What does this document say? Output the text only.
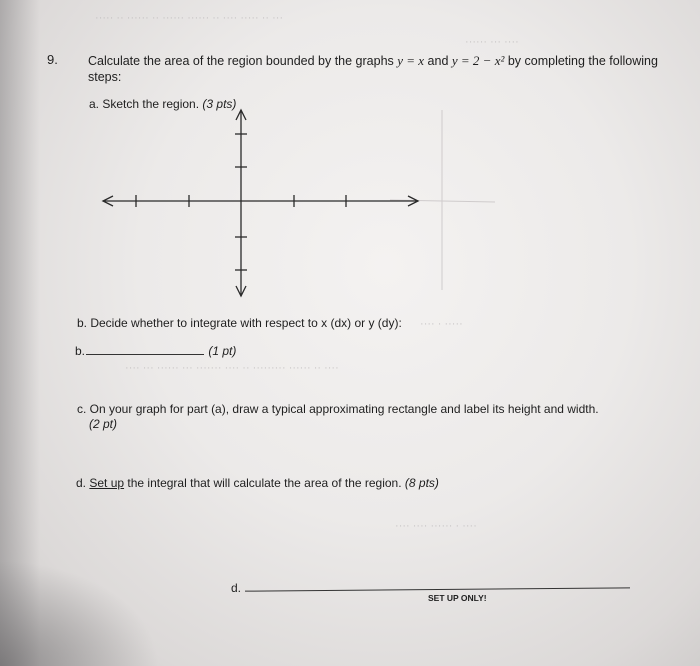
··· ·· ····· ···· ·· ······ ······ ·· ······ ·· ·····
···· ··· ······
····· · ····
···· ·· ······ ········· ·· ···· ······· ··· ······ ··· ····
···· · ······ ···· ····
9. Calculate the area of the region bounded by the graphs y = x and y = 2 − x² by completing the following steps:
a. Sketch the region. (3 pts)
b. Decide whether to integrate with respect to x (dx) or y (dy):
b.	(1 pt)
c. On your graph for part (a), draw a typical approximating rectangle and label its height and width.
(2 pt)
d. Set up the integral that will calculate the area of the region. (8 pts)
d.
SET UP ONLY!
